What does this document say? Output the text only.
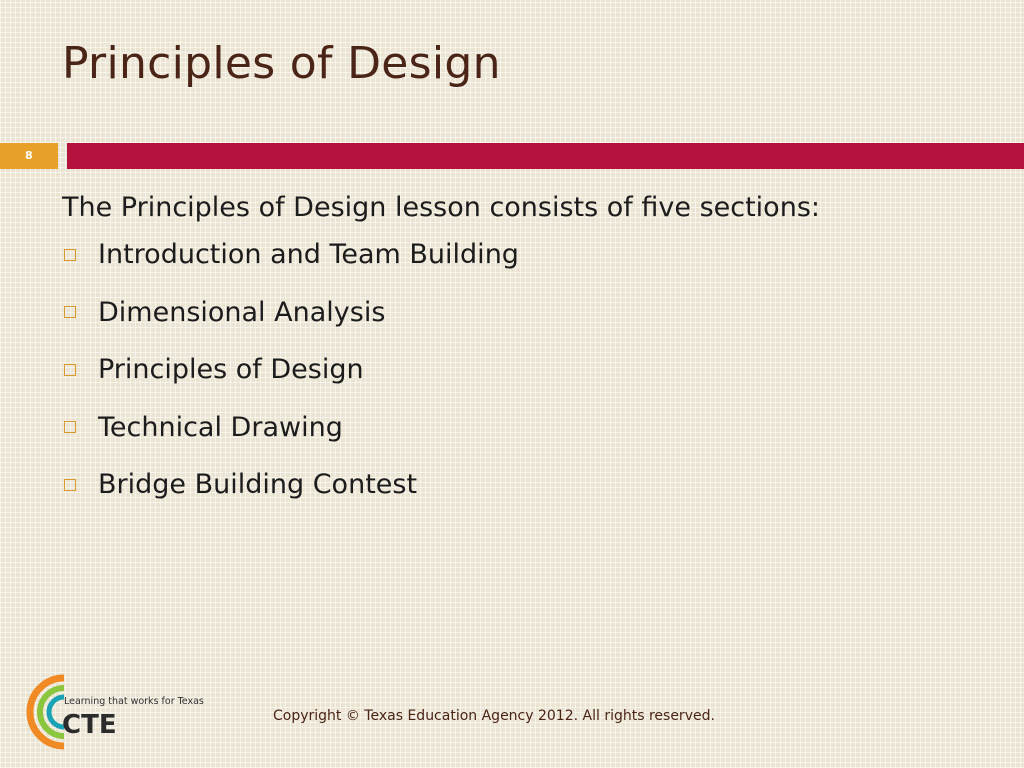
Principles of Design
8

The Principles of Design lesson consists of five sections:

Introduction and Team Building
Dimensional Analysis
Principles of Design
Technical Drawing
Bridge Building Contest
Learning that works for Texas
CTE	Copyright © Texas Education Agency 2012. All rights reserved.
